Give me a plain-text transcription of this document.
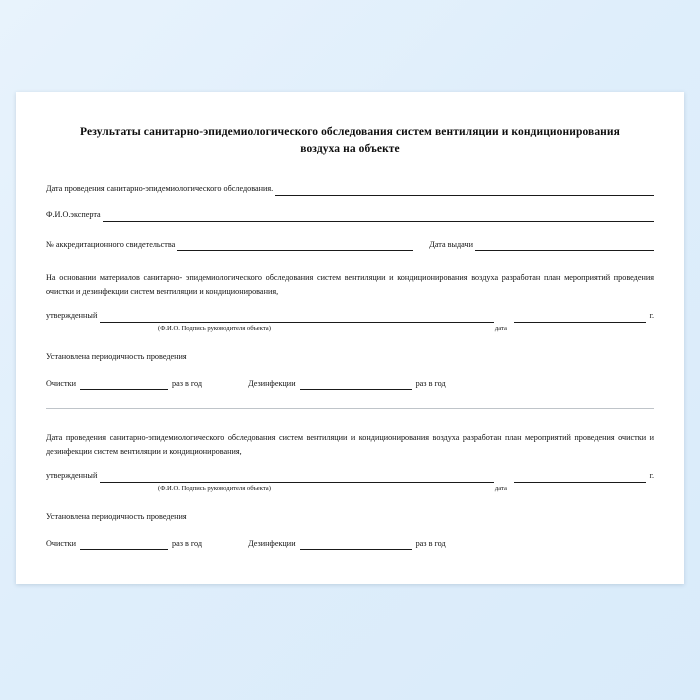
Результаты санитарно-эпидемиологического обследования систем вентиляции и кондиционирования воздуха на объекте
Дата проведения санитарно-эпидемиологического обследования.
Ф.И.О.эксперта
№ аккредитационного свидетельства	Дата выдачи
На основании материалов санитарно- эпидемиологического обследования систем вентиляции и кондиционирования воздуха разработан план мероприятий проведения очистки и дезинфекции систем вентиляции и кондиционирования,
утвержденный	г.
(Ф.И.О. Подпись руководителя объекта)	дата
Установлена периодичность проведения
Очистки	раз в год	Дезинфекции	раз в год
Дата проведения санитарно-эпидемиологического обследования систем вентиляции и кондиционирования воздуха разработан план мероприятий проведения очистки и дезинфекции систем вентиляции и кондиционирования,
утвержденный	г.
(Ф.И.О. Подпись руководителя объекта)	дата
Установлена периодичность проведения
Очистки	раз в год	Дезинфекции	раз в год
